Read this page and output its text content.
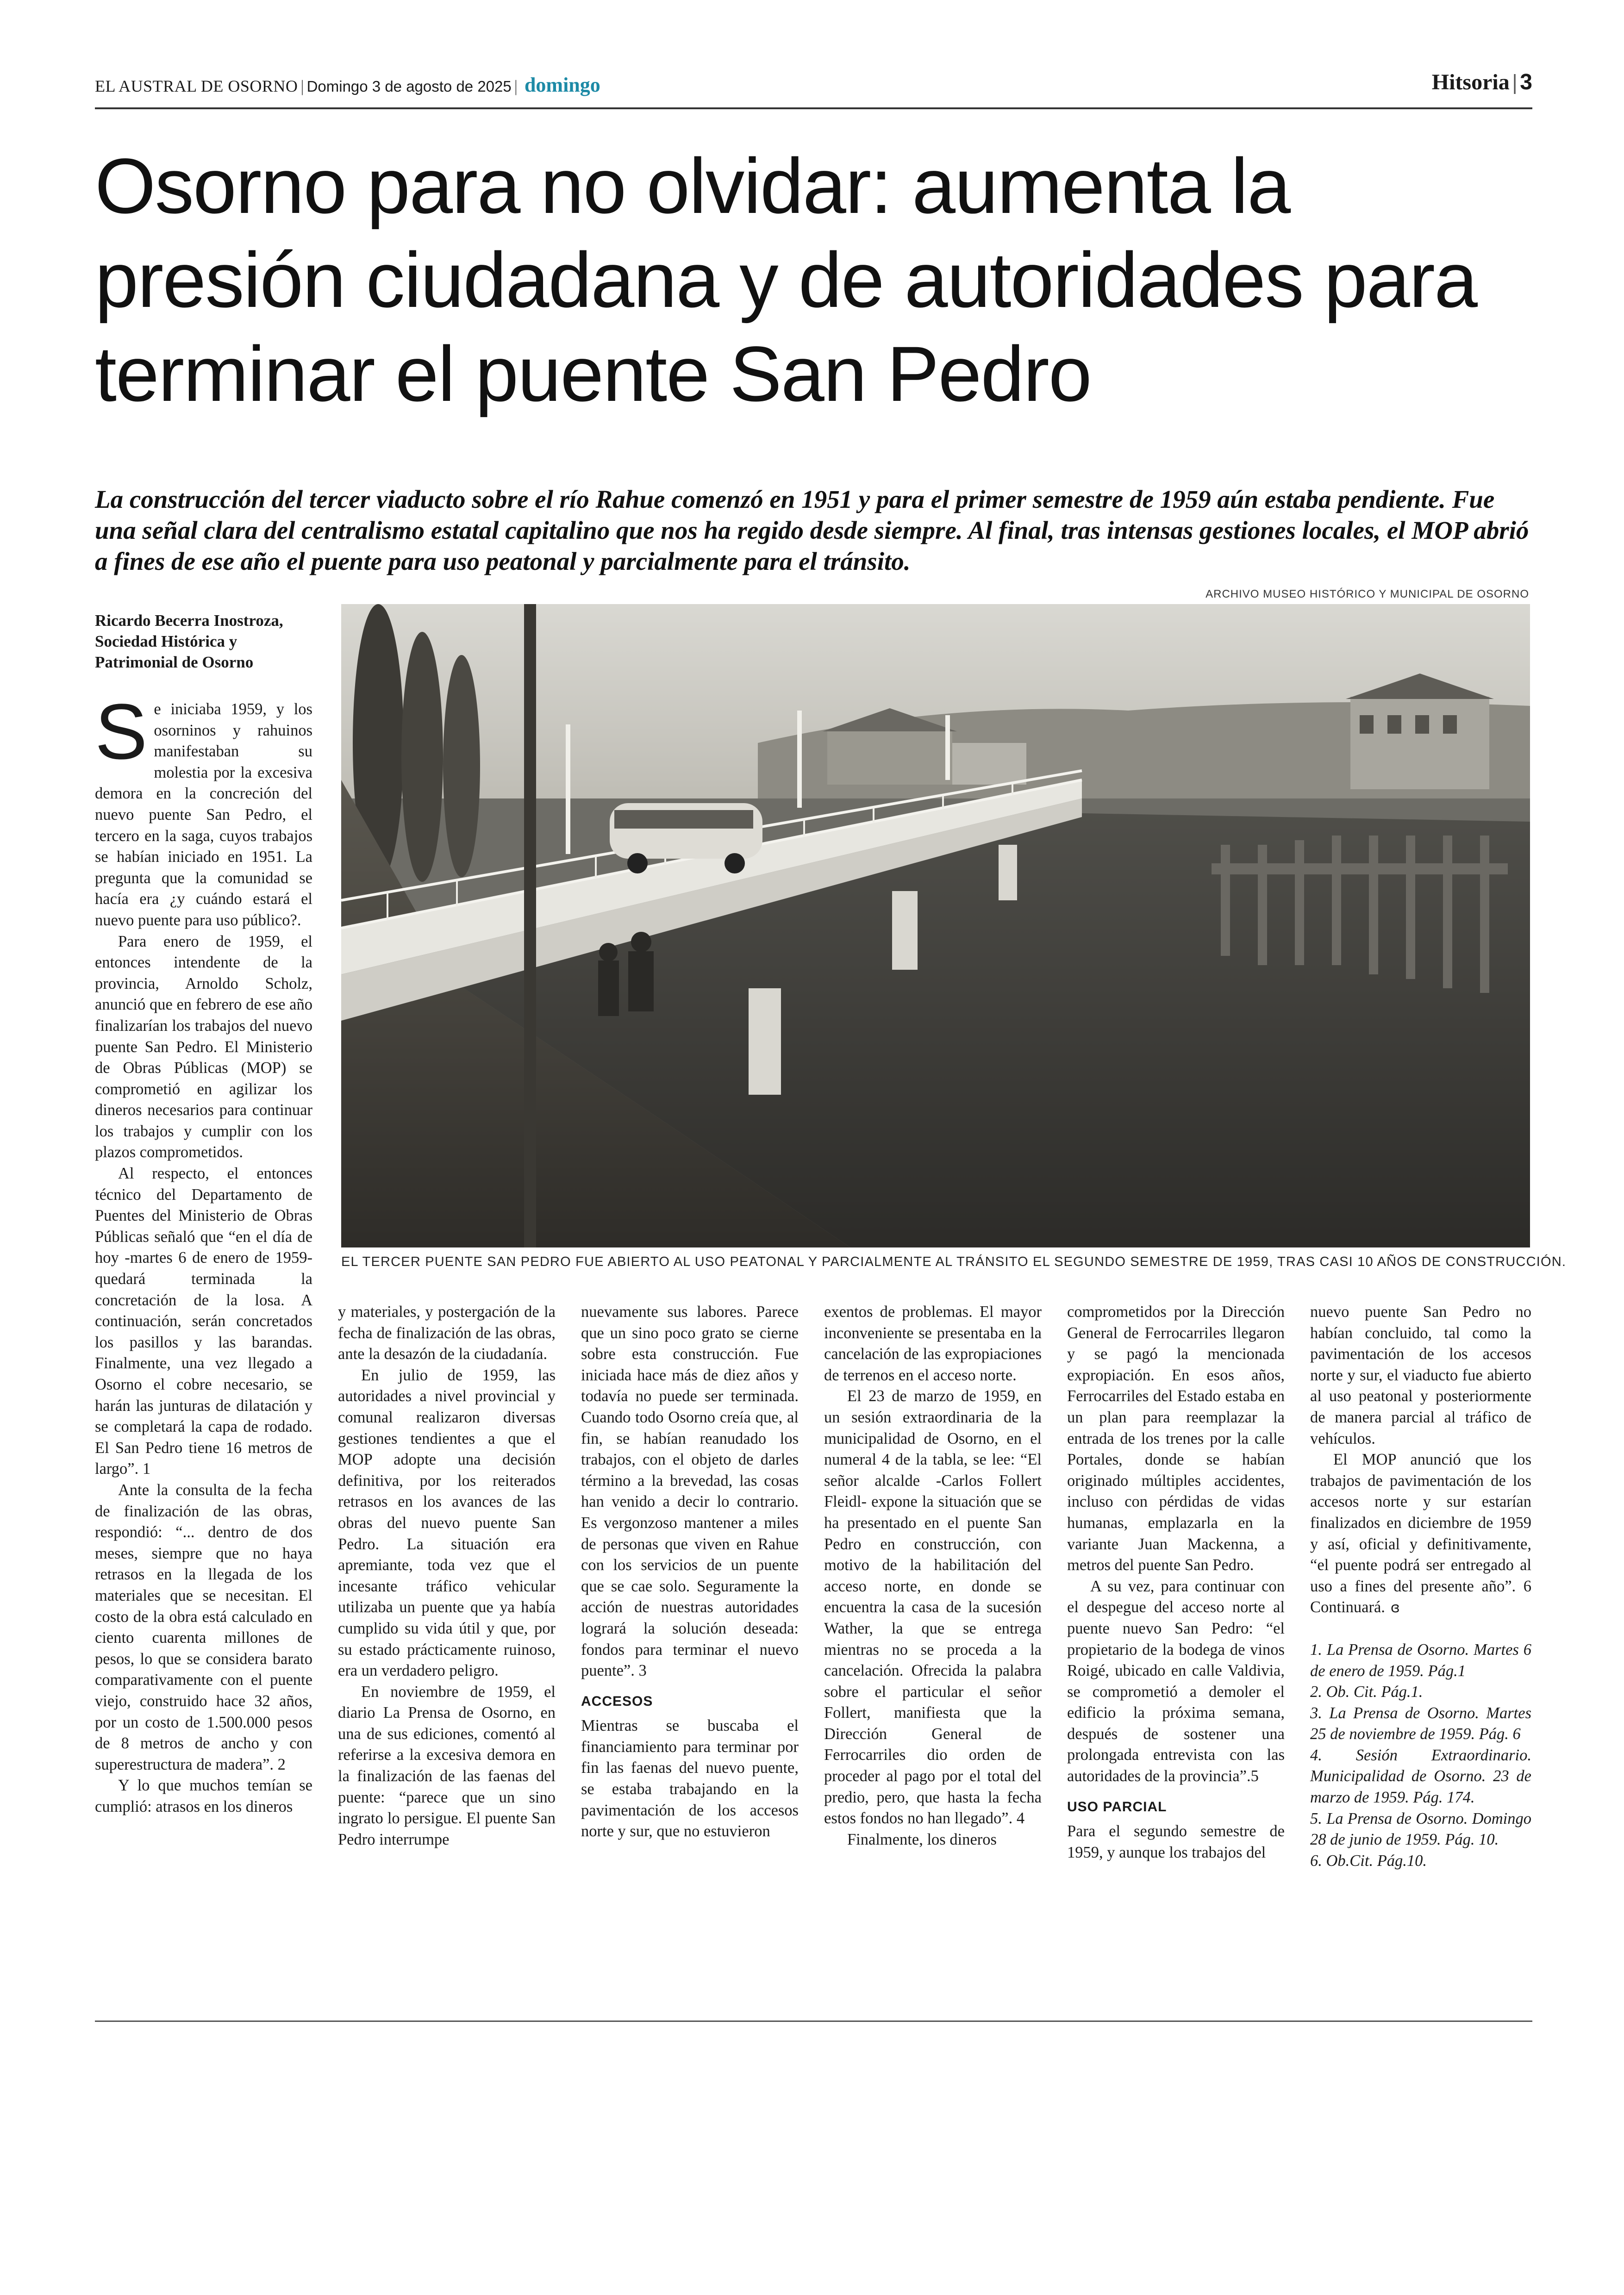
EL AUSTRAL DE OSORNO | Domingo 3 de agosto de 2025 | domingo	Hitsoria | 3
Osorno para no olvidar: aumenta la presión ciudadana y de autoridades para terminar el puente San Pedro

La construcción del tercer viaducto sobre el río Rahue comenzó en 1951 y para el primer semestre de 1959 aún estaba pendiente. Fue una señal clara del centralismo estatal capitalino que nos ha regido desde siempre. Al final, tras intensas gestiones locales, el MOP abrió a fines de ese año el puente para uso peatonal y parcialmente para el tránsito.

ARCHIVO MUSEO HISTÓRICO Y MUNICIPAL DE OSORNO
EL TERCER PUENTE SAN PEDRO FUE ABIERTO AL USO PEATONAL Y PARCIALMENTE AL TRÁNSITO EL SEGUNDO SEMESTRE DE 1959, TRAS CASI 10 AÑOS DE CONSTRUCCIÓN.
Ricardo Becerra Inostroza,
Sociedad Histórica y
Patrimonial de Osorno

Se iniciaba 1959, y los osorninos y rahuinos manifestaban su molestia por la excesiva demora en la concreción del nuevo puente San Pedro, el tercero en la saga, cuyos trabajos se habían iniciado en 1951. La pregunta que la comunidad se hacía era ¿y cuándo estará el nuevo puente para uso público?.

Para enero de 1959, el entonces intendente de la provincia, Arnoldo Scholz, anunció que en febrero de ese año finalizarían los trabajos del nuevo puente San Pedro. El Ministerio de Obras Públicas (MOP) se comprometió en agilizar los dineros necesarios para continuar los trabajos y cumplir con los plazos comprometidos.

Al respecto, el entonces técnico del Departamento de Puentes del Ministerio de Obras Públicas señaló que “en el día de hoy -martes 6 de enero de 1959- quedará terminada la concretación de la losa. A continuación, serán concretados los pasillos y las barandas. Finalmente, una vez llegado a Osorno el cobre necesario, se harán las junturas de dilatación y se completará la capa de rodado. El San Pedro tiene 16 metros de largo”. 1

Ante la consulta de la fecha de finalización de las obras, respondió: “... dentro de dos meses, siempre que no haya retrasos en la llegada de los materiales que se necesitan. El costo de la obra está calculado en ciento cuarenta millones de pesos, lo que se considera barato comparativamente con el puente viejo, construido hace 32 años, por un costo de 1.500.000 pesos de 8 metros de ancho y con superestructura de madera”. 2

Y lo que muchos temían se cumplió: atrasos en los dineros

y materiales, y postergación de la fecha de finalización de las obras, ante la desazón de la ciudadanía.

En julio de 1959, las autoridades a nivel provincial y comunal realizaron diversas gestiones tendientes a que el MOP adopte una decisión definitiva, por los reiterados retrasos en los avances de las obras del nuevo puente San Pedro. La situación era apremiante, toda vez que el incesante tráfico vehicular utilizaba un puente que ya había cumplido su vida útil y que, por su estado prácticamente ruinoso, era un verdadero peligro.

En noviembre de 1959, el diario La Prensa de Osorno, en una de sus ediciones, comentó al referirse a la excesiva demora en la finalización de las faenas del puente: “parece que un sino ingrato lo persigue. El puente San Pedro interrumpe

nuevamente sus labores. Parece que un sino poco grato se cierne sobre esta construcción. Fue iniciada hace más de diez años y todavía no puede ser terminada. Cuando todo Osorno creía que, al fin, se habían reanudado los trabajos, con el objeto de darles término a la brevedad, las cosas han venido a decir lo contrario. Es vergonzoso mantener a miles de personas que viven en Rahue con los servicios de un puente que se cae solo. Seguramente la acción de nuestras autoridades logrará la solución deseada: fondos para terminar el nuevo puente”. 3

ACCESOS

Mientras se buscaba el financiamiento para terminar por fin las faenas del nuevo puente, se estaba trabajando en la pavimentación de los accesos norte y sur, que no estuvieron

exentos de problemas. El mayor inconveniente se presentaba en la cancelación de las expropiaciones de terrenos en el acceso norte.

El 23 de marzo de 1959, en un sesión extraordinaria de la municipalidad de Osorno, en el numeral 4 de la tabla, se lee: “El señor alcalde -Carlos Follert Fleidl- expone la situación que se ha presentado en el puente San Pedro en construcción, con motivo de la habilitación del acceso norte, en donde se encuentra la casa de la sucesión Wather, la que se entrega mientras no se proceda a la cancelación. Ofrecida la palabra sobre el particular el señor Follert, manifiesta que la Dirección General de Ferrocarriles dio orden de proceder al pago por el total del predio, pero, que hasta la fecha estos fondos no han llegado”. 4

Finalmente, los dineros

comprometidos por la Dirección General de Ferrocarriles llegaron y se pagó la mencionada expropiación. En esos años, Ferrocarriles del Estado estaba en un plan para reemplazar la entrada de los trenes por la calle Portales, donde se habían originado múltiples accidentes, incluso con pérdidas de vidas humanas, emplazarla en la variante Juan Mackenna, a metros del puente San Pedro.

A su vez, para continuar con el despegue del acceso norte al puente nuevo San Pedro: “el propietario de la bodega de vinos Roigé, ubicado en calle Valdivia, se comprometió a demoler el edificio la próxima semana, después de sostener una prolongada entrevista con las autoridades de la provincia”.5

USO PARCIAL

Para el segundo semestre de 1959, y aunque los trabajos del

nuevo puente San Pedro no habían concluido, tal como la pavimentación de los accesos norte y sur, el viaducto fue abierto al uso peatonal y posteriormente de manera parcial al tráfico de vehículos.

El MOP anunció que los trabajos de pavimentación de los accesos norte y sur estarían finalizados en diciembre de 1959 y así, oficial y definitivamente, “el puente podrá ser entregado al uso a fines del presente año”. 6 Continuará. ɞ

1. La Prensa de Osorno. Martes 6 de enero de 1959. Pág.1

2. Ob. Cit. Pág.1.

3. La Prensa de Osorno. Martes 25 de noviembre de 1959. Pág. 6

4. Sesión Extraordinario. Municipalidad de Osorno. 23 de marzo de 1959. Pág. 174.

5. La Prensa de Osorno. Domingo 28 de junio de 1959. Pág. 10.

6. Ob.Cit. Pág.10.
